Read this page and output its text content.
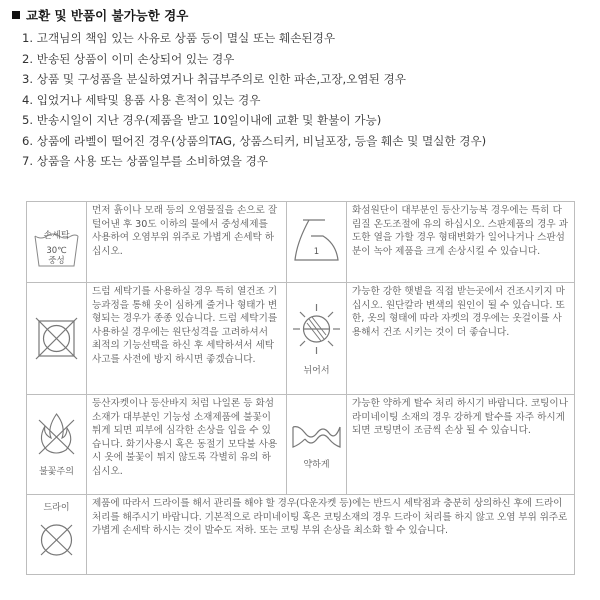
교환 및 반품이 불가능한 경우
1. 고객님의 책임 있는 사유로 상품 등이 멸실 또는 훼손된경우
2. 반송된 상품이 이미 손상되어 있는 경우
3. 상품 및 구성품을 분실하였거나 취급부주의로 인한 파손,고장,오염된 경우
4. 입었거나 세탁및 용품 사용 흔적이 있는 경우
5. 반송시일이 지난 경우(제품을 받고 10일이내에 교환 및 환불이 가능)
6. 상품에 라벨이 떨어진 경우(상품의TAG, 상품스티커, 비닐포장, 등을 훼손 및 멸실한 경우)
7. 상품을 사용 또는 상품일부를 소비하였을 경우
손세탁
30℃
중성	먼저 흙이나 모래 등의 오염물질을 손으로 잘 털어낸 후 30도 이하의 물에서 중성세제를 사용하여 오염부위 위주로 가볍게 손세탁 하십시오.	1	화섬원단이 대부분인 등산기능복 경우에는 특히 다림질 온도조절에 유의 하십시오. 스판제품의 경우 과도한 열을 가할 경우 형태변화가 일어나거나 스판섬분이 녹아 제품을 크게 손상시킬 수 있습니다.

	드럼 세탁기를 사용하실 경우 특히 열건조 기능과정을 통해 옷이 심하게 줄거나 형태가 변형되는 경우가 종종 있습니다. 드럼 세탁기를 사용하실 경우에는 원단성격을 고려하셔서 최적의 기능선택을 하신 후 세탁하셔서 세탁사고를 사전에 방지 하시면 좋겠습니다.	뉘어서	가능한 강한 햇볕을 직접 받는곳에서 건조시키지 마십시오. 원단칼라 변색의 원인이 될 수 있습니다. 또한, 옷의 형태에 따라 자켓의 경우에는 옷걸이를 사용해서 건조 시키는 것이 더 좋습니다.

불꽃주의	등산자켓이나 등산바지 처럼 나일론 등 화섬 소재가 대부분인 기능성 소재제품에 불꽃이 튀게 되면 피부에 심각한 손상을 입을 수 있습니다. 화기사용시 혹은 동절기 모닥불 사용시 옷에 불꽃이 튀지 않도록 각별히 유의 하십시오.	약하게	가능한 약하게 탈수 처리 하시기 바랍니다. 코팅이나 라미네이팅 소재의 경우 강하게 탈수를 자주 하시게 되면 코팅면이 조금씩 손상 될 수 있습니다.

드라이	제품에 따라서 드라이를 해서 관리를 해야 할 경우(다운자켓 등)에는 반드시 세탁점과 충분히 상의하신 후에 드라이 처리를 해주시기 바랍니다. 기본적으로 라미네이팅 혹은 코팅소재의 경우 드라이 처리를 하지 않고 오염 부위 위주로 가볍게 손세탁 하시는 것이 발수도 저하. 또는 코팅 부위 손상을 최소화 할 수 있습니다.		
